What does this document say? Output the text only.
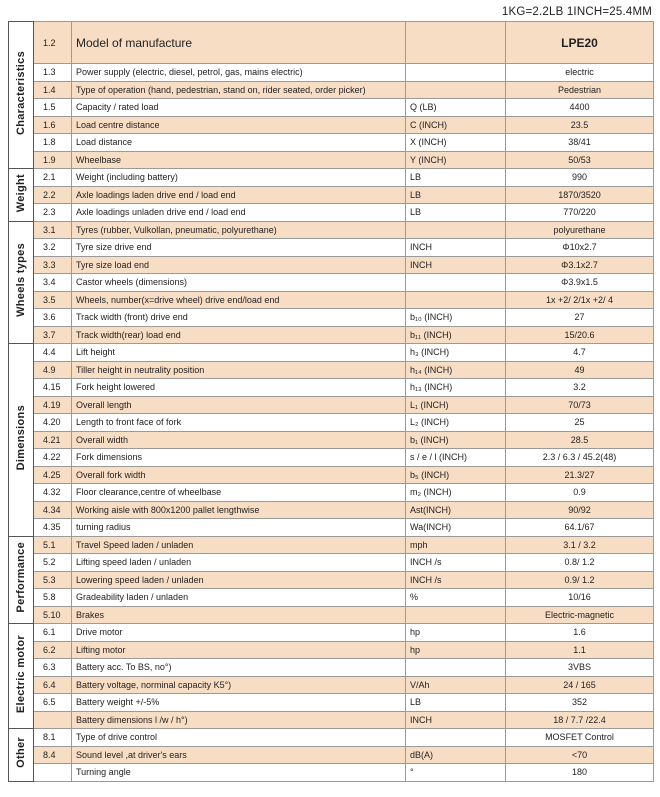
1KG=2.2LB 1INCH=25.4MM
Characteristics	1.2	Model of manufacture		LPE20
	1.3	Power supply (electric, diesel, petrol, gas, mains electric)		electric
	1.4	Type of operation (hand, pedestrian, stand on, rider seated, order picker)		Pedestrian
	1.5	Capacity / rated load	Q (LB)	4400
	1.6	Load centre distance	C (INCH)	23.5
	1.8	Load distance	X (INCH)	38/41
	1.9	Wheelbase	Y (INCH)	50/53
Weight	2.1	Weight (including battery)	LB	990
	2.2	Axle loadings laden drive end / load end	LB	1870/3520
	2.3	Axle loadings unladen drive end / load end	LB	770/220
Wheels types	3.1	Tyres (rubber, Vulkollan, pneumatic, polyurethane)		polyurethane
	3.2	Tyre size drive end	INCH	Φ10x2.7
	3.3	Tyre size load end	INCH	Φ3.1x2.7
	3.4	Castor wheels (dimensions)		Φ3.9x1.5
	3.5	Wheels, number(x=drive wheel) drive end/load end		1x +2/ 2/1x +2/ 4
	3.6	Track width (front) drive end	b₁₀ (INCH)	27
	3.7	Track width(rear) load end	b₁₁ (INCH)	15/20.6
Dimensions	4.4	Lift height	h₃ (INCH)	4.7
	4.9	Tiller height in neutrality position	h₁₄ (INCH)	49
	4.15	Fork height lowered	h₁₃ (INCH)	3.2
	4.19	Overall length	L₁ (INCH)	70/73
	4.20	Length to front face of fork	L₂ (INCH)	25
	4.21	Overall width	b₁ (INCH)	28.5
	4.22	Fork dimensions	s / e / l (INCH)	2.3 / 6.3 / 45.2(48)
	4.25	Overall fork width	b₅ (INCH)	21.3/27
	4.32	Floor clearance,centre of wheelbase	m₂ (INCH)	0.9
	4.34	Working aisle with 800x1200 pallet lengthwise	Ast(INCH)	90/92
	4.35	turning radius	Wa(INCH)	64.1/67
Performance	5.1	Travel Speed laden / unladen	mph	3.1 / 3.2
	5.2	Lifting speed laden / unladen	INCH /s	0.8/ 1.2
	5.3	Lowering speed laden / unladen	INCH /s	0.9/ 1.2
	5.8	Gradeability laden / unladen	%	10/16
	5.10	Brakes		Electric-magnetic
Electric motor	6.1	Drive motor	hp	1.6
	6.2	Lifting motor	hp	1.1
	6.3	Battery acc. To BS, no°)		3VBS
	6.4	Battery voltage, norminal capacity K5°)	V/Ah	24 / 165
	6.5	Battery weight +/-5%	LB	352
		Battery dimensions l /w / h°)	INCH	18 / 7.7 /22.4
Other	8.1	Type of drive control		MOSFET Control
	8.4	Sound level ,at driver's ears	dB(A)	<70
		Turning angle	°	180
